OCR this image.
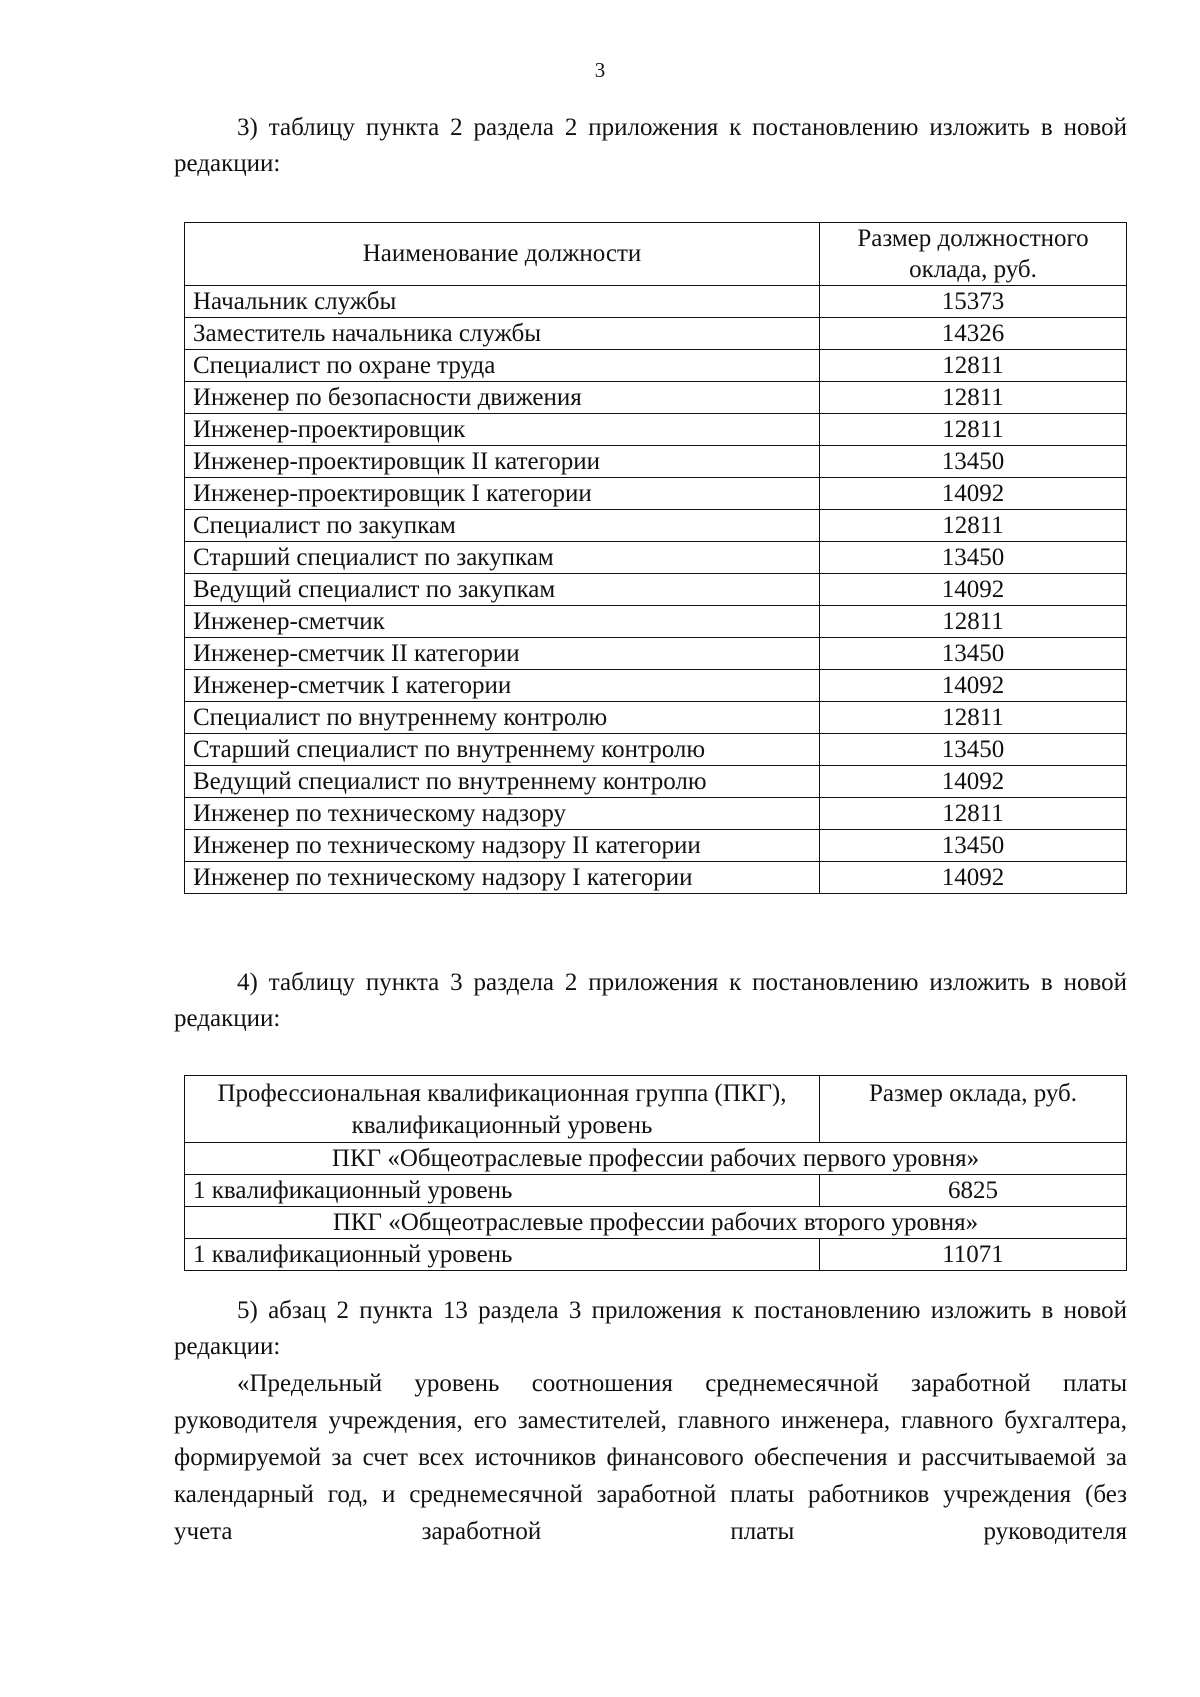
3

3) таблицу пункта 2 раздела 2 приложения к постановлению изложить в новой редакции:

Наименование должности	Размер должностного оклада, руб.
Начальник службы	15373
Заместитель начальника службы	14326
Специалист по охране труда	12811
Инженер по безопасности движения	12811
Инженер-проектировщик	12811
Инженер-проектировщик II категории	13450
Инженер-проектировщик I категории	14092
Специалист по закупкам	12811
Старший специалист по закупкам	13450
Ведущий специалист по закупкам	14092
Инженер-сметчик	12811
Инженер-сметчик II категории	13450
Инженер-сметчик I категории	14092
Специалист по внутреннему контролю	12811
Старший специалист по внутреннему контролю	13450
Ведущий специалист по внутреннему контролю	14092
Инженер по техническому надзору	12811
Инженер по техническому надзору II категории	13450
Инженер по техническому надзору I категории	14092

4) таблицу пункта 3 раздела 2 приложения к постановлению изложить в новой редакции:

Профессиональная квалификационная группа (ПКГ), квалификационный уровень	Размер оклада, руб.
ПКГ «Общеотраслевые профессии рабочих первого уровня»	
1 квалификационный уровень	6825
ПКГ «Общеотраслевые профессии рабочих второго уровня»	
1 квалификационный уровень	11071

5) абзац 2 пункта 13 раздела 3 приложения к постановлению изложить в новой редакции:

«Предельный уровень соотношения среднемесячной заработной платы руководителя учреждения, его заместителей, главного инженера, главного бухгалтера, формируемой за счет всех источников финансового обеспечения и рассчитываемой за календарный год, и среднемесячной заработной платы работников учреждения (без учета заработной платы руководителя
